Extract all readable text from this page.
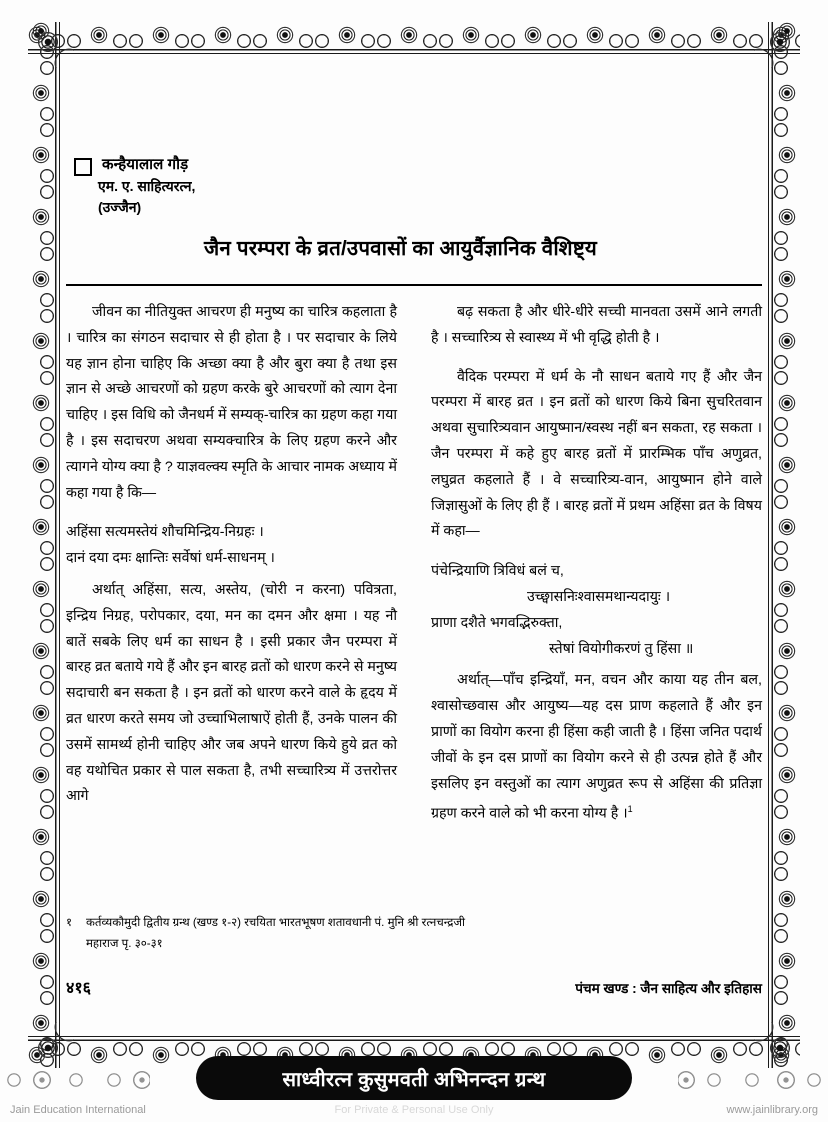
कन्हैयालाल गौड़
एम. ए. साहित्यरत्न,
(उज्जैन)
जैन परम्परा के व्रत/उपवासों का आयुर्वैज्ञानिक वैशिष्ट्य

जीवन का नीतियुक्त आचरण ही मनुष्य का चारित्र कहलाता है । चारित्र का संगठन सदाचार से ही होता है । पर सदाचार के लिये यह ज्ञान होना चाहिए कि अच्छा क्या है और बुरा क्या है तथा इस ज्ञान से अच्छे आचरणों को ग्रहण करके बुरे आचरणों को त्याग देना चाहिए । इस विधि को जैनधर्म में सम्यक्-चारित्र का ग्रहण कहा गया है । इस सदाचरण अथवा सम्यक्चारित्र के लिए ग्रहण करने और त्यागने योग्य क्या है ? याज्ञवल्क्य स्मृति के आचार नामक अध्याय में कहा गया है कि—

अहिंसा सत्यमस्तेयं शौचमिन्द्रिय-निग्रहः ।
दानं दया दमः क्षान्तिः सर्वेषां धर्म-साधनम् ।

अर्थात् अहिंसा, सत्य, अस्तेय, (चोरी न करना) पवित्रता, इन्द्रिय निग्रह, परोपकार, दया, मन का दमन और क्षमा । यह नौ बातें सबके लिए धर्म का साधन है । इसी प्रकार जैन परम्परा में बारह व्रत बताये गये हैं और इन बारह व्रतों को धारण करने से मनुष्य सदाचारी बन सकता है । इन व्रतों को धारण करने वाले के हृदय में व्रत धारण करते समय जो उच्चाभिलाषाऐं होती हैं, उनके पालन की उसमें सामर्थ्य होनी चाहिए और जब अपने धारण किये हुये व्रत को वह यथोचित प्रकार से पाल सकता है, तभी सच्चारित्र्य में उत्तरोत्तर आगे

बढ़ सकता है और धीरे-धीरे सच्ची मानवता उसमें आने लगती है । सच्चारित्र्य से स्वास्थ्य में भी वृद्धि होती है ।

वैदिक परम्परा में धर्म के नौ साधन बताये गए हैं और जैन परम्परा में बारह व्रत । इन व्रतों को धारण किये बिना सुचरितवान अथवा सुचारित्र्यवान आयुष्मान/स्वस्थ नहीं बन सकता, रह सकता । जैन परम्परा में कहे हुए बारह व्रतों में प्रारम्भिक पाँच अणुव्रत, लघुव्रत कहलाते हैं । वे सच्चारित्र्य-वान, आयुष्मान होने वाले जिज्ञासुओं के लिए ही हैं । बारह व्रतों में प्रथम अहिंसा व्रत के विषय में कहा—

पंचेन्द्रियाणि त्रिविधं बलं च,
उच्छ्वासनिःश्वासमथान्यदायुः ।
प्राणा दशैते भगवद्भिरुक्ता,
स्तेषां वियोगीकरणं तु हिंसा ॥

अर्थात्—पाँच इन्द्रियाँ, मन, वचन और काया यह तीन बल, श्वासोच्छवास और आयुष्य—यह दस प्राण कहलाते हैं और इन प्राणों का वियोग करना ही हिंसा कही जाती है । हिंसा जनित पदार्थ जीवों के इन दस प्राणों का वियोग करने से ही उत्पन्न होते हैं और इसलिए इन वस्तुओं का त्याग अणुव्रत रूप से अहिंसा की प्रतिज्ञा ग्रहण करने वाले को भी करना योग्य है ।$^1$

१ कर्तव्यकौमुदी द्वितीय ग्रन्थ (खण्ड १-२) रचयिता भारतभूषण शतावधानी पं. मुनि श्री रत्नचन्द्रजी
महाराज पृ. ३०-३१
४१६	पंचम खण्ड : जैन साहित्य और इतिहास
साध्वीरत्न कुसुमवती अभिनन्दन ग्रन्थ
Jain Education International	For Private & Personal Use Only	www.jainlibrary.org
